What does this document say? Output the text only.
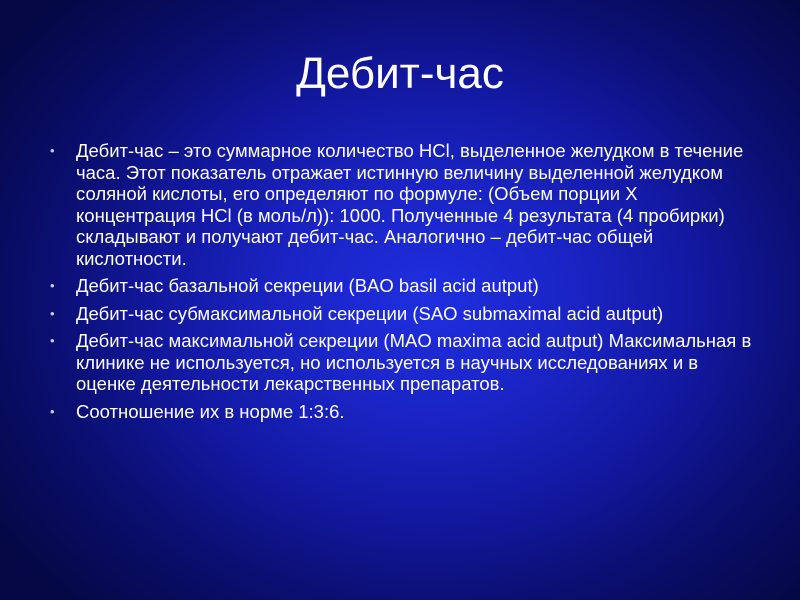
Дебит-час
• Дебит-час – это суммарное количество HCl, выделенное желудком в течение часа. Этот показатель отражает истинную величину выделенной желудком соляной кислоты, его определяют по формуле: (Объем порции Х концентрация HCl (в моль/л)): 1000. Полученные 4 результата (4 пробирки) складывают и получают дебит-час. Аналогично – дебит-час общей кислотности.
• Дебит-час базальной секреции (BAO basil acid autput)
• Дебит-час субмаксимальной секреции (SAO submaximal acid autput)
• Дебит-час максимальной секреции (MAO maxima acid autput) Максимальная в клинике не используется, но используется в научных исследованиях и в оценке деятельности лекарственных препаратов.
• Соотношение их в норме 1:3:6.
